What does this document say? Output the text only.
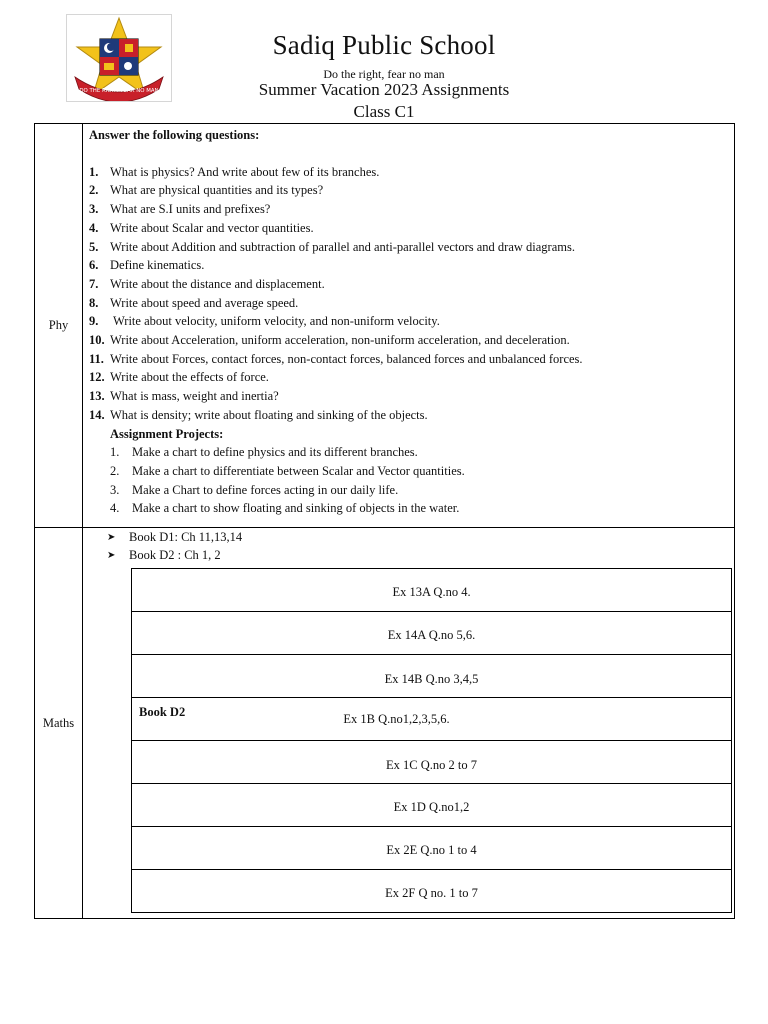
DO THE RIGHT FEAR NO MAN
Sadiq Public School
Do the right, fear no man
Summer Vacation 2023 Assignments
Class C1
Phy	
Answer the following questions:
1. What is physics? And write about few of its branches.
2. What are physical quantities and its types?
3. What are S.I units and prefixes?
4. Write about Scalar and vector quantities.
5. Write about Addition and subtraction of parallel and anti-parallel vectors and draw diagrams.
6. Define kinematics.
7. Write about the distance and displacement.
8. Write about speed and average speed.
9.	Write about velocity, uniform velocity, and non-uniform velocity.
10. Write about Acceleration, uniform acceleration, non-uniform acceleration, and deceleration.
11. Write about Forces, contact forces, non-contact forces, balanced forces and unbalanced forces.
12. Write about the effects of force.
13. What is mass, weight and inertia?
14. What is density; write about floating and sinking of the objects.
Assignment Projects:
1.	Make a chart to define physics and its different branches.
2.	Make a chart to differentiate between Scalar and Vector quantities.
3.	Make a Chart to define forces acting in our daily life.
4.	Make a chart to show floating and sinking of objects in the water.

Maths	
➤	Book D1: Ch 11,13,14
➤	Book D2 : Ch 1, 2
Ex 13A Q.no 4.

Ex 14A Q.no 5,6.

Ex 14B Q.no 3,4,5

Book D2	Ex 1B Q.no1,2,3,5,6.

Ex 1C Q.no 2 to 7

Ex 1D Q.no1,2

Ex 2E Q.no 1 to 4

Ex 2F Q no. 1 to 7
